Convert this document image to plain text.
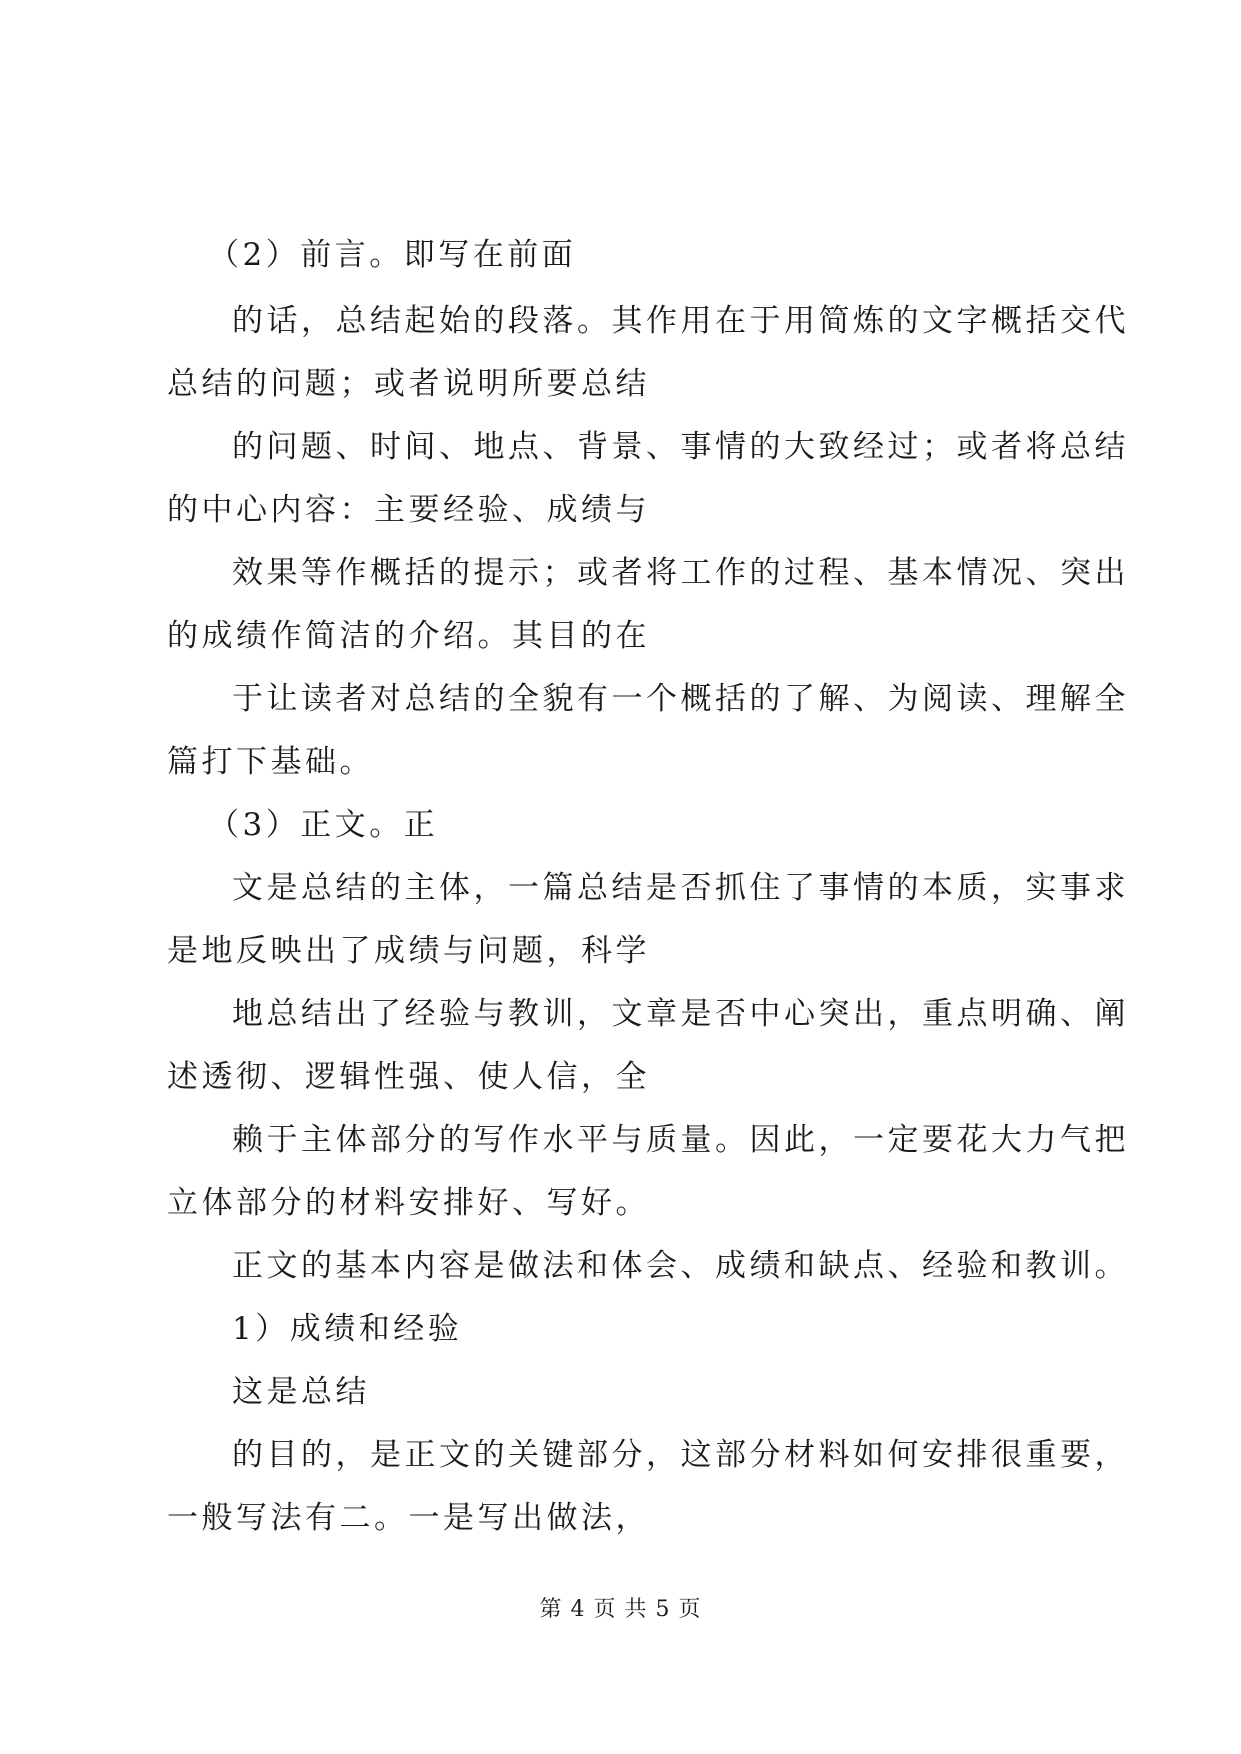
（2）前言。即写在前面
的话，总结起始的段落。其作用在于用简炼的文字概括交代
总结的问题；或者说明所要总结
的问题、时间、地点、背景、事情的大致经过；或者将总结
的中心内容：主要经验、成绩与
效果等作概括的提示；或者将工作的过程、基本情况、突出
的成绩作简洁的介绍。其目的在
于让读者对总结的全貌有一个概括的了解、为阅读、理解全
篇打下基础。
（3）正文。正
文是总结的主体，一篇总结是否抓住了事情的本质，实事求
是地反映出了成绩与问题，科学
地总结出了经验与教训，文章是否中心突出，重点明确、阐
述透彻、逻辑性强、使人信，全
赖于主体部分的写作水平与质量。因此，一定要花大力气把
立体部分的材料安排好、写好。
正文的基本内容是做法和体会、成绩和缺点、经验和教训。
1）成绩和经验
这是总结
的目的，是正文的关键部分，这部分材料如何安排很重要，
一般写法有二。一是写出做法，
第 4 页 共 5 页
